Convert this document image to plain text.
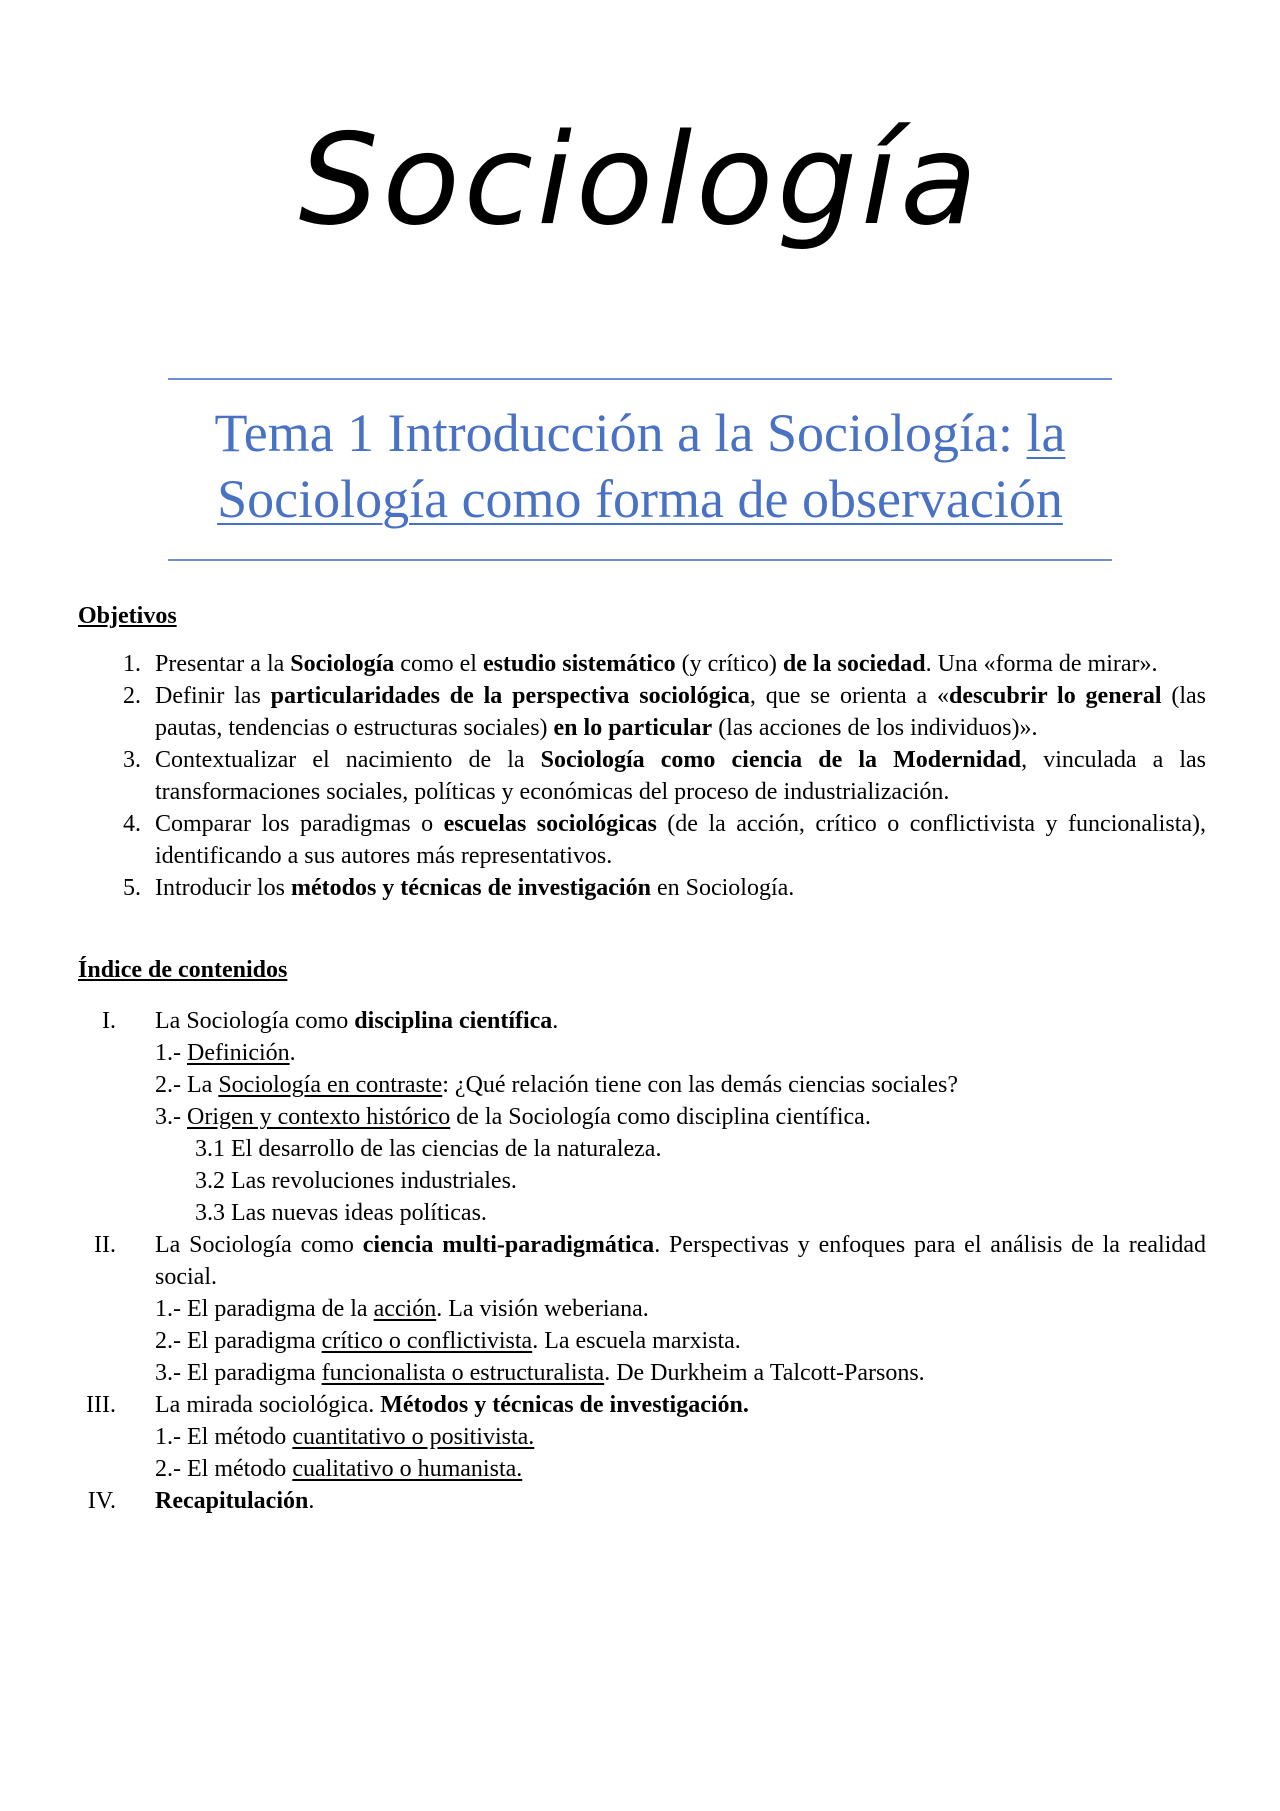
Sociología
Tema 1 Introducción a la Sociología: la
Sociología como forma de observación
Objetivos
1. Presentar a la Sociología como el estudio sistemático (y crítico) de la sociedad. Una «forma de mirar».
2. Definir las particularidades de la perspectiva sociológica, que se orienta a «descubrir lo general (las pautas, tendencias o estructuras sociales) en lo particular (las acciones de los individuos)».
3. Contextualizar el nacimiento de la Sociología como ciencia de la Modernidad, vinculada a las transformaciones sociales, políticas y económicas del proceso de industrialización.
4. Comparar los paradigmas o escuelas sociológicas (de la acción, crítico o conflictivista y funcionalista), identificando a sus autores más representativos.
5. Introducir los métodos y técnicas de investigación en Sociología.
Índice de contenidos
I. La Sociología como disciplina científica.
1.- Definición.
2.- La Sociología en contraste: ¿Qué relación tiene con las demás ciencias sociales?
3.- Origen y contexto histórico de la Sociología como disciplina científica.
3.1 El desarrollo de las ciencias de la naturaleza.
3.2 Las revoluciones industriales.
3.3 Las nuevas ideas políticas.
II. La Sociología como ciencia multi-paradigmática. Perspectivas y enfoques para el análisis de la realidad social.
1.- El paradigma de la acción. La visión weberiana.
2.- El paradigma crítico o conflictivista. La escuela marxista.
3.- El paradigma funcionalista o estructuralista. De Durkheim a Talcott-Parsons.
III. La mirada sociológica. Métodos y técnicas de investigación.
1.- El método cuantitativo o positivista.
2.- El método cualitativo o humanista.
IV. Recapitulación.
